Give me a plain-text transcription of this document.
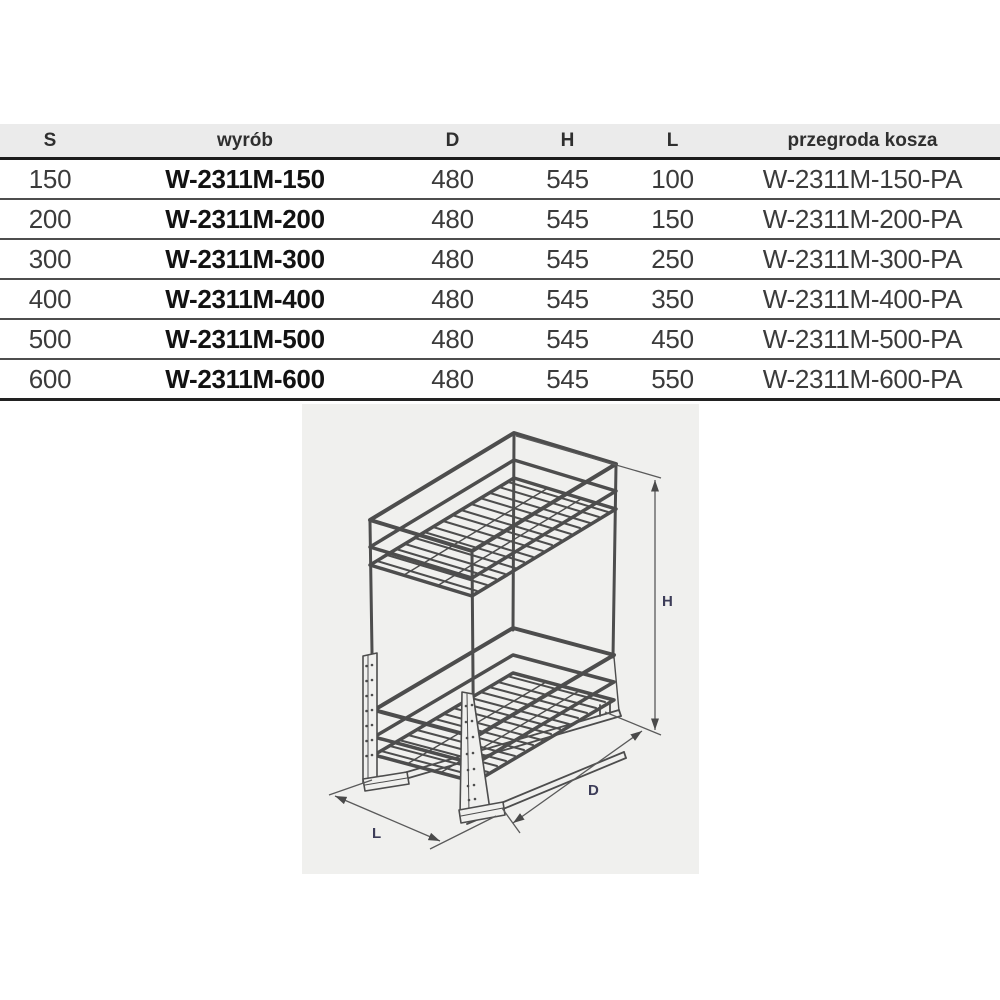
S	wyrób	D	H	L	przegroda kosza
150	W-2311M-150	480	545	100	W-2311M-150-PA
200	W-2311M-200	480	545	150	W-2311M-200-PA
300	W-2311M-300	480	545	250	W-2311M-300-PA
400	W-2311M-400	480	545	350	W-2311M-400-PA
500	W-2311M-500	480	545	450	W-2311M-500-PA
600	W-2311M-600	480	545	550	W-2311M-600-PA
H
D
L
